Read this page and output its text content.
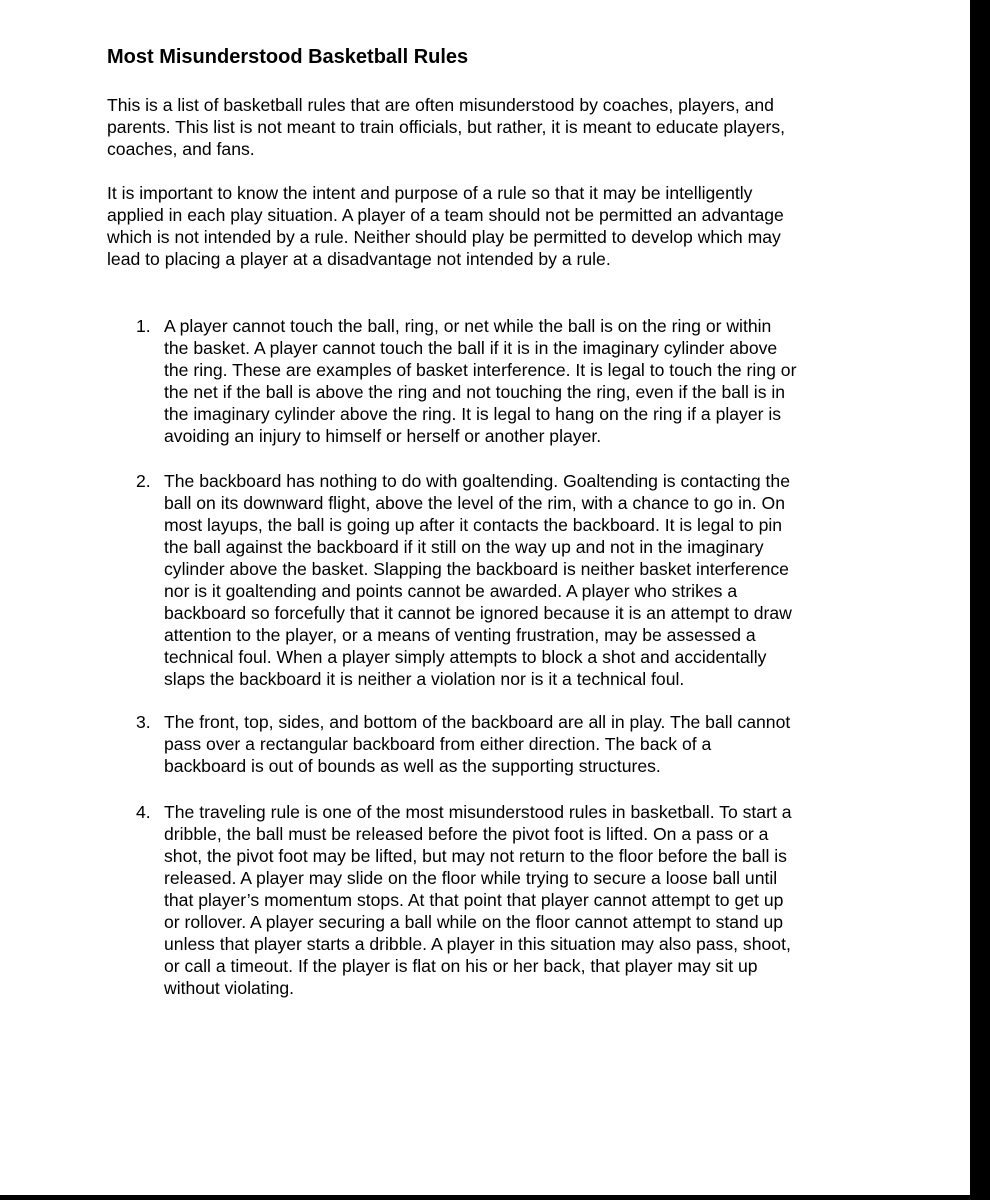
Most Misunderstood Basketball Rules
This is a list of basketball rules that are often misunderstood by coaches, players, and
parents. This list is not meant to train officials, but rather, it is meant to educate players,
coaches, and fans.
It is important to know the intent and purpose of a rule so that it may be intelligently
applied in each play situation. A player of a team should not be permitted an advantage
which is not intended by a rule. Neither should play be permitted to develop which may
lead to placing a player at a disadvantage not intended by a rule.
1. A player cannot touch the ball, ring, or net while the ball is on the ring or within
the basket. A player cannot touch the ball if it is in the imaginary cylinder above
the ring. These are examples of basket interference. It is legal to touch the ring or
the net if the ball is above the ring and not touching the ring, even if the ball is in
the imaginary cylinder above the ring. It is legal to hang on the ring if a player is
avoiding an injury to himself or herself or another player.
2. The backboard has nothing to do with goaltending. Goaltending is contacting the
ball on its downward flight, above the level of the rim, with a chance to go in. On
most layups, the ball is going up after it contacts the backboard. It is legal to pin
the ball against the backboard if it still on the way up and not in the imaginary
cylinder above the basket. Slapping the backboard is neither basket interference
nor is it goaltending and points cannot be awarded. A player who strikes a
backboard so forcefully that it cannot be ignored because it is an attempt to draw
attention to the player, or a means of venting frustration, may be assessed a
technical foul. When a player simply attempts to block a shot and accidentally
slaps the backboard it is neither a violation nor is it a technical foul.
3. The front, top, sides, and bottom of the backboard are all in play. The ball cannot
pass over a rectangular backboard from either direction. The back of a
backboard is out of bounds as well as the supporting structures.
4. The traveling rule is one of the most misunderstood rules in basketball. To start a
dribble, the ball must be released before the pivot foot is lifted. On a pass or a
shot, the pivot foot may be lifted, but may not return to the floor before the ball is
released. A player may slide on the floor while trying to secure a loose ball until
that player’s momentum stops. At that point that player cannot attempt to get up
or rollover. A player securing a ball while on the floor cannot attempt to stand up
unless that player starts a dribble. A player in this situation may also pass, shoot,
or call a timeout. If the player is flat on his or her back, that player may sit up
without violating.
